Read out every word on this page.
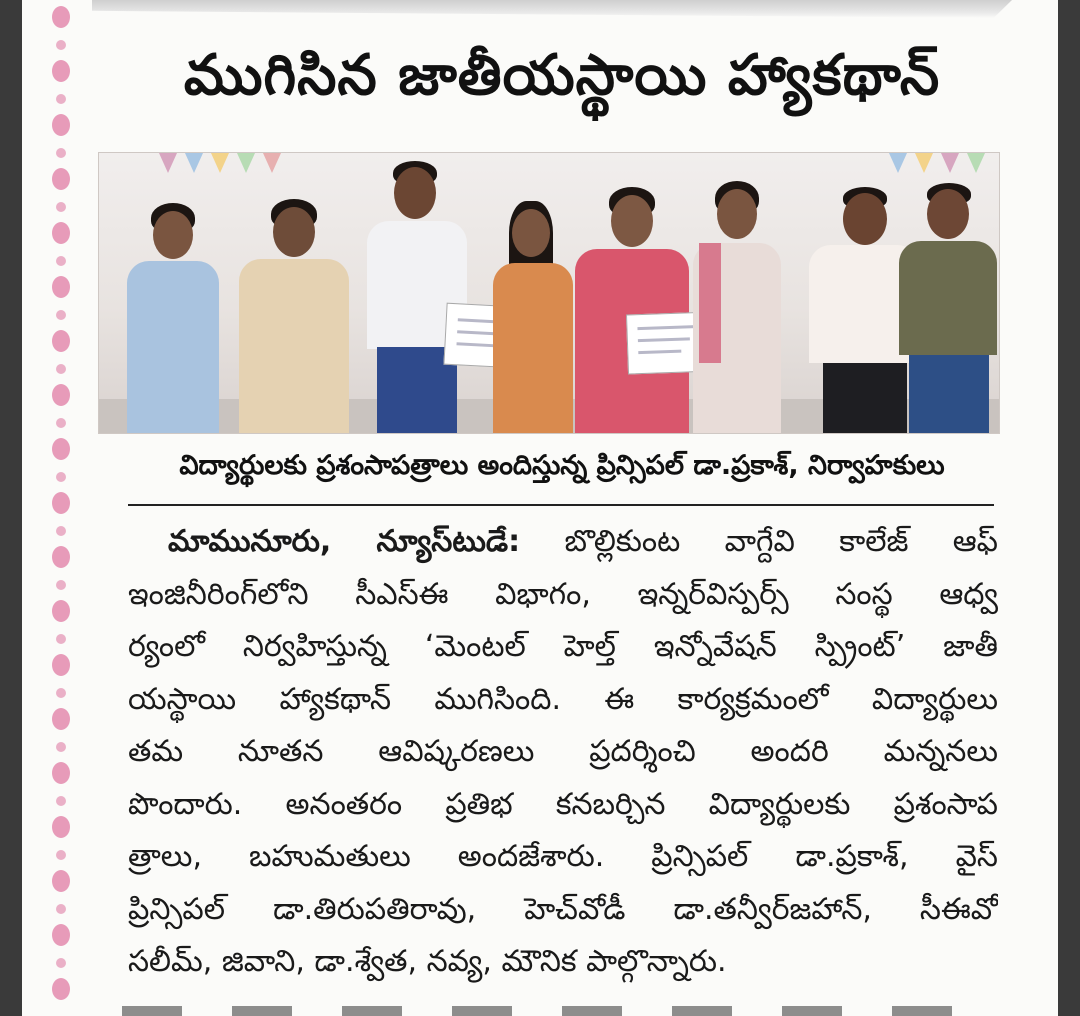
ముగిసిన జాతీయస్థాయి హ్యాకథాన్
విద్యార్థులకు ప్రశంసాపత్రాలు అందిస్తున్న ప్రిన్సిపల్ డా.ప్రకాశ్, నిర్వాహకులు
మామునూరు, న్యూస్‌టుడే: బొల్లికుంట వాగ్దేవి కాలేజ్ ఆఫ్
ఇంజినీరింగ్‌లోని సీఎస్ఈ విభాగం, ఇన్నర్‌విస్పర్స్ సంస్థ ఆధ్వ
ర్యంలో నిర్వహిస్తున్న ‘మెంటల్ హెల్త్ ఇన్నోవేషన్ స్ప్రింట్’ జాతీ
యస్థాయి హ్యాకథాన్ ముగిసింది. ఈ కార్యక్రమంలో విద్యార్థులు
తమ నూతన ఆవిష్కరణలు ప్రదర్శించి అందరి మన్ననలు
పొందారు. అనంతరం ప్రతిభ కనబర్చిన విద్యార్థులకు ప్రశంసాప
త్రాలు, బహుమతులు అందజేశారు. ప్రిన్సిపల్ డా.ప్రకాశ్, వైస్
ప్రిన్సిపల్ డా.తిరుపతిరావు, హెచ్‌వోడీ డా.తన్వీర్‌జహాన్, సీఈవో
సలీమ్, జివాని, డా.శ్వేత, నవ్య, మౌనిక పాల్గొన్నారు.
